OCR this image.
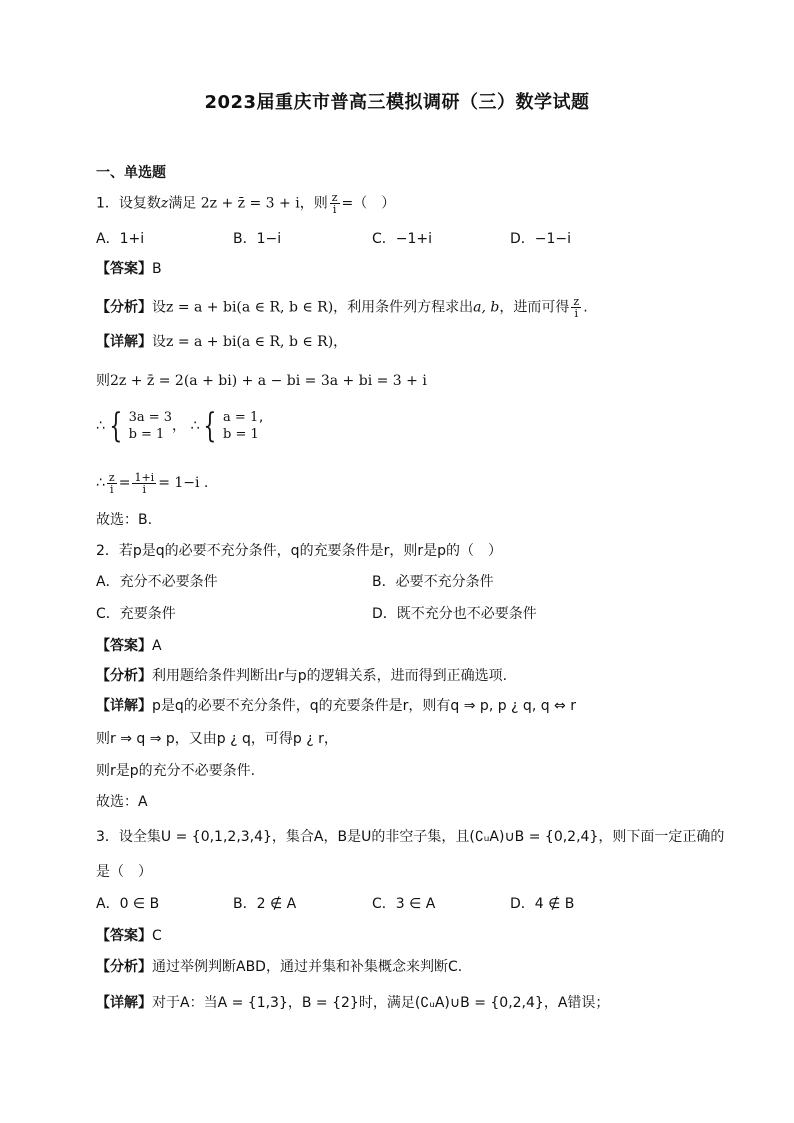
2023届重庆市普高三模拟调研（三）数学试题
一、单选题
1．设复数z满足 2z + z̄ = 3 + i，则 $\frac{z}{i}$ =（　）
A．1+i	B．1−i	C．−1+i	D．−1−i
【答案】B
【分析】设z = a + bi(a ∈ R, b ∈ R)，利用条件列方程求出a, b，进而可得 $\frac{z}{i}$ .
【详解】设z = a + bi(a ∈ R, b ∈ R)，
则2z + z̄ = 2(a + bi) + a − bi = 3a + bi = 3 + i
∴ { 3a = 3
b = 1
， ∴ { a = 1
b = 1
’
∴ $\frac{z}{i} = \frac{1+i}{i} = 1-i$ .
故选：B.
2．若p是q的必要不充分条件，q的充要条件是r，则r是p的（　）
A．充分不必要条件	B．必要不充分条件
C．充要条件	D．既不充分也不必要条件
【答案】A
【分析】利用题给条件判断出r与p的逻辑关系，进而得到正确选项.
【详解】p是q的必要不充分条件，q的充要条件是r，则有q ⇒ p, p ¿ q, q ⇔ r
则r ⇒ q ⇒ p，又由p ¿ q，可得p ¿ r，
则r是p的充分不必要条件.
故选：A
3．设全集U = {0,1,2,3,4}，集合A，B是U的非空子集，且(∁ᵤA)∪B = {0,2,4}，则下面一定正确的
是（　）
A．0 ∈ B	B．2 ∉ A	C．3 ∈ A	D．4 ∉ B
【答案】C
【分析】通过举例判断ABD，通过并集和补集概念来判断C.
【详解】对于A：当A = {1,3}，B = {2}时，满足(∁ᵤA)∪B = {0,2,4}，A错误；
